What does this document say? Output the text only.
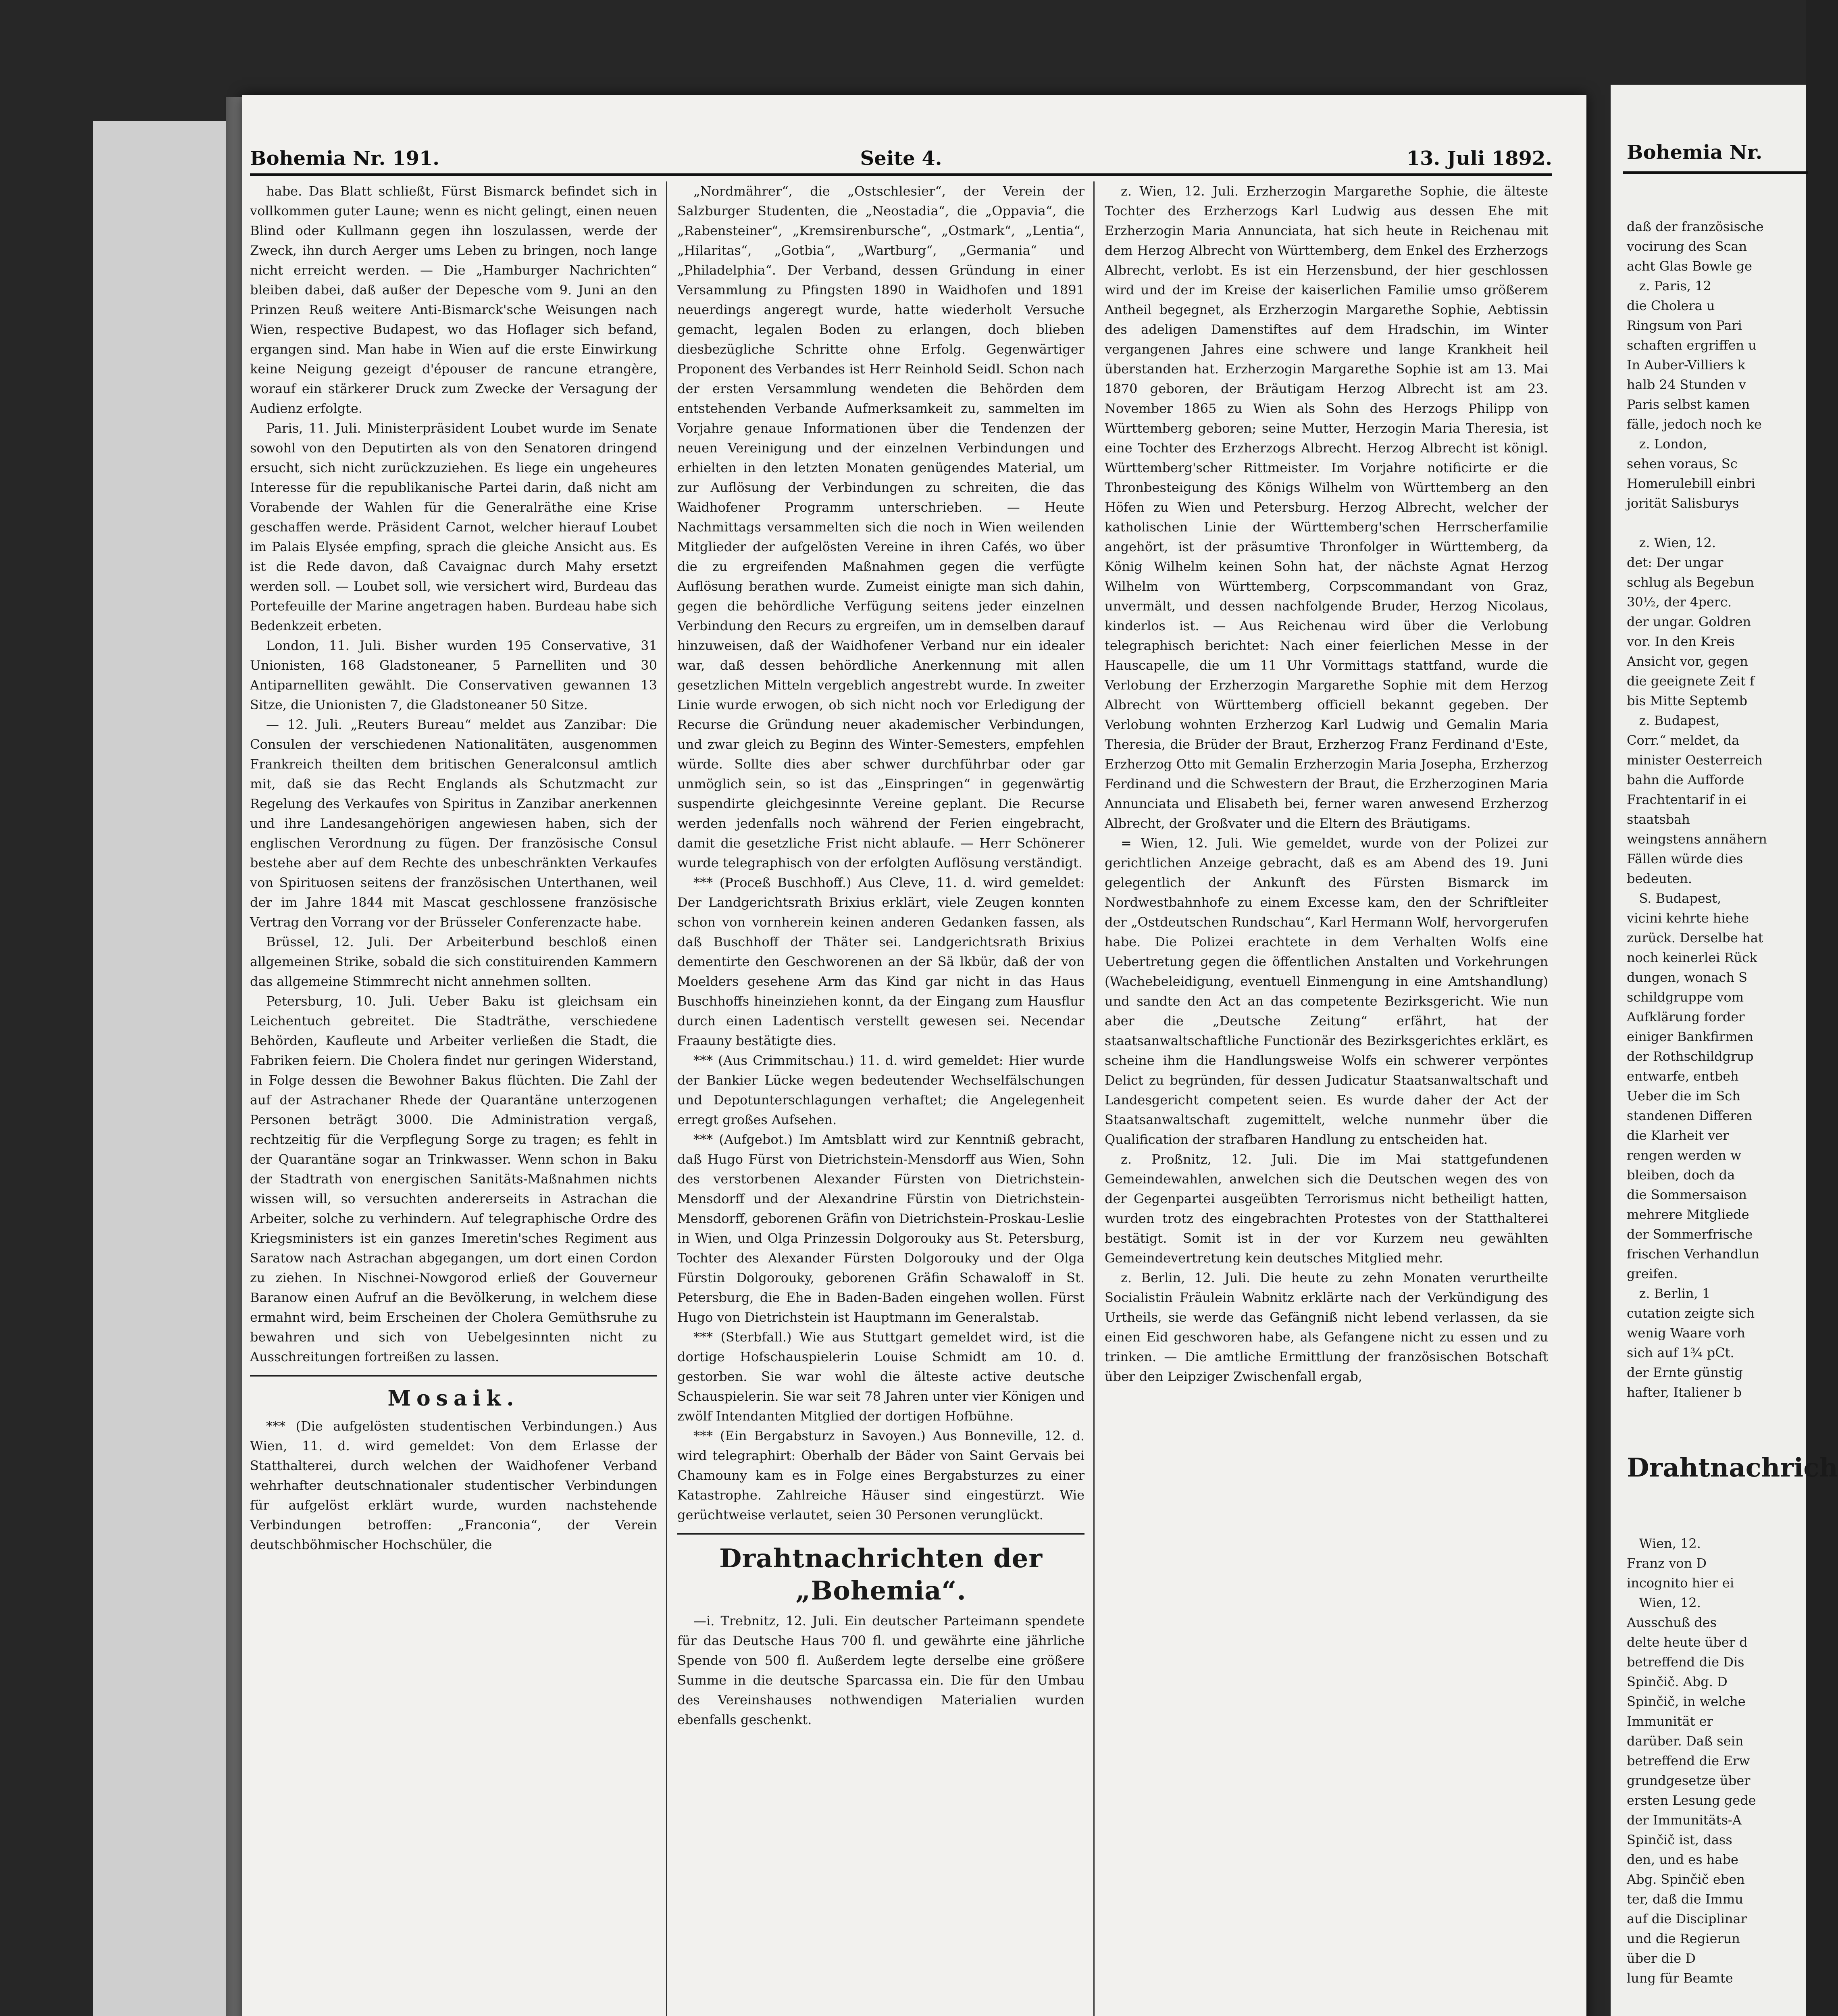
Bohemia Nr. 191.	Seite 4.	13. Juli 1892.

habe. Das Blatt schließt, Fürst Bismarck befindet sich in vollkommen guter Laune; wenn es nicht gelingt, einen neuen Blind oder Kullmann gegen ihn loszulassen, werde der Zweck, ihn durch Aerger ums Leben zu bringen, noch lange nicht erreicht werden. — Die „Hamburger Nachrichten“ bleiben dabei, daß außer der Depesche vom 9. Juni an den Prinzen Reuß weitere Anti-Bismarck'sche Weisungen nach Wien, respective Budapest, wo das Hoflager sich befand, ergangen sind. Man habe in Wien auf die erste Einwirkung keine Neigung gezeigt d'épouser de rancune etrangère, worauf ein stärkerer Druck zum Zwecke der Versagung der Audienz erfolgte.

Paris, 11. Juli. Ministerpräsident Loubet wurde im Senate sowohl von den Deputirten als von den Senatoren dringend ersucht, sich nicht zurückzuziehen. Es liege ein ungeheures Interesse für die republikanische Partei darin, daß nicht am Vorabende der Wahlen für die Generalräthe eine Krise geschaffen werde. Präsident Carnot, welcher hierauf Loubet im Palais Elysée empfing, sprach die gleiche Ansicht aus. Es ist die Rede davon, daß Cavaignac durch Mahy ersetzt werden soll. — Loubet soll, wie versichert wird, Burdeau das Portefeuille der Marine angetragen haben. Burdeau habe sich Bedenkzeit erbeten.

London, 11. Juli. Bisher wurden 195 Conservative, 31 Unionisten, 168 Gladstoneaner, 5 Parnelliten und 30 Antiparnelliten gewählt. Die Conservativen gewannen 13 Sitze, die Unionisten 7, die Gladstoneaner 50 Sitze.

— 12. Juli. „Reuters Bureau“ meldet aus Zanzibar: Die Consulen der verschiedenen Nationalitäten, ausgenommen Frankreich theilten dem britischen Generalconsul amtlich mit, daß sie das Recht Englands als Schutzmacht zur Regelung des Verkaufes von Spiritus in Zanzibar anerkennen und ihre Landesangehörigen angewiesen haben, sich der englischen Verordnung zu fügen. Der französische Consul bestehe aber auf dem Rechte des unbeschränkten Verkaufes von Spirituosen seitens der französischen Unterthanen, weil der im Jahre 1844 mit Mascat geschlossene französische Vertrag den Vorrang vor der Brüsseler Conferenzacte habe.

Brüssel, 12. Juli. Der Arbeiterbund beschloß einen allgemeinen Strike, sobald die sich constituirenden Kammern das allgemeine Stimmrecht nicht annehmen sollten.

Petersburg, 10. Juli. Ueber Baku ist gleichsam ein Leichentuch gebreitet. Die Stadträthe, verschiedene Behörden, Kaufleute und Arbeiter verließen die Stadt, die Fabriken feiern. Die Cholera findet nur geringen Widerstand, in Folge dessen die Bewohner Bakus flüchten. Die Zahl der auf der Astrachaner Rhede der Quarantäne unterzogenen Personen beträgt 3000. Die Administration vergaß, rechtzeitig für die Verpflegung Sorge zu tragen; es fehlt in der Quarantäne sogar an Trinkwasser. Wenn schon in Baku der Stadtrath von energischen Sanitäts-Maßnahmen nichts wissen will, so versuchten andererseits in Astrachan die Arbeiter, solche zu verhindern. Auf telegraphische Ordre des Kriegsministers ist ein ganzes Imeretin'sches Regiment aus Saratow nach Astrachan abgegangen, um dort einen Cordon zu ziehen. In Nischnei-Nowgorod erließ der Gouverneur Baranow einen Aufruf an die Bevölkerung, in welchem diese ermahnt wird, beim Erscheinen der Cholera Gemüthsruhe zu bewahren und sich von Uebelgesinnten nicht zu Ausschreitungen fortreißen zu lassen.

Mosaik.

*** (Die aufgelösten studentischen Verbindungen.) Aus Wien, 11. d. wird gemeldet: Von dem Erlasse der Statthalterei, durch welchen der Waidhofener Verband wehrhafter deutschnationaler studentischer Verbindungen für aufgelöst erklärt wurde, wurden nachstehende Verbindungen betroffen: „Franconia“, der Verein deutschböhmischer Hochschüler, die

„Nordmährer“, die „Ostschlesier“, der Verein der Salzburger Studenten, die „Neostadia“, die „Oppavia“, die „Rabensteiner“, „Kremsirenbursche“, „Ostmark“, „Lentia“, „Hilaritas“, „Gotbia“, „Wartburg“, „Germania“ und „Philadelphia“. Der Verband, dessen Gründung in einer Versammlung zu Pfingsten 1890 in Waidhofen und 1891 neuerdings angeregt wurde, hatte wiederholt Versuche gemacht, legalen Boden zu erlangen, doch blieben diesbezügliche Schritte ohne Erfolg. Gegenwärtiger Proponent des Verbandes ist Herr Reinhold Seidl. Schon nach der ersten Versammlung wendeten die Behörden dem entstehenden Verbande Aufmerksamkeit zu, sammelten im Vorjahre genaue Informationen über die Tendenzen der neuen Vereinigung und der einzelnen Verbindungen und erhielten in den letzten Monaten genügendes Material, um zur Auflösung der Verbindungen zu schreiten, die das Waidhofener Programm unterschrieben. — Heute Nachmittags versammelten sich die noch in Wien weilenden Mitglieder der aufgelösten Vereine in ihren Cafés, wo über die zu ergreifenden Maßnahmen gegen die verfügte Auflösung berathen wurde. Zumeist einigte man sich dahin, gegen die behördliche Verfügung seitens jeder einzelnen Verbindung den Recurs zu ergreifen, um in demselben darauf hinzuweisen, daß der Waidhofener Verband nur ein idealer war, daß dessen behördliche Anerkennung mit allen gesetzlichen Mitteln vergeblich angestrebt wurde. In zweiter Linie wurde erwogen, ob sich nicht noch vor Erledigung der Recurse die Gründung neuer akademischer Verbindungen, und zwar gleich zu Beginn des Winter-Semesters, empfehlen würde. Sollte dies aber schwer durchführbar oder gar unmöglich sein, so ist das „Einspringen“ in gegenwärtig suspendirte gleichgesinnte Vereine geplant. Die Recurse werden jedenfalls noch während der Ferien eingebracht, damit die gesetzliche Frist nicht ablaufe. — Herr Schönerer wurde telegraphisch von der erfolgten Auflösung verständigt.

*** (Proceß Buschhoff.) Aus Cleve, 11. d. wird gemeldet: Der Landgerichtsrath Brixius erklärt, viele Zeugen konnten schon von vornherein keinen anderen Gedanken fassen, als daß Buschhoff der Thäter sei. Landgerichtsrath Brixius dementirte den Geschworenen an der Sä lkbür, daß der von Moelders gesehene Arm das Kind gar nicht in das Haus Buschhoffs hineinziehen konnt, da der Eingang zum Hausflur durch einen Ladentisch verstellt gewesen sei. Necendar Fraauny bestätigte dies.

*** (Aus Crimmitschau.) 11. d. wird gemeldet: Hier wurde der Bankier Lücke wegen bedeutender Wechselfälschungen und Depotunterschlagungen verhaftet; die Angelegenheit erregt großes Aufsehen.

*** (Aufgebot.) Im Amtsblatt wird zur Kenntniß gebracht, daß Hugo Fürst von Dietrichstein-Mensdorff aus Wien, Sohn des verstorbenen Alexander Fürsten von Dietrichstein-Mensdorff und der Alexandrine Fürstin von Dietrichstein-Mensdorff, geborenen Gräfin von Dietrichstein-Proskau-Leslie in Wien, und Olga Prinzessin Dolgorouky aus St. Petersburg, Tochter des Alexander Fürsten Dolgorouky und der Olga Fürstin Dolgorouky, geborenen Gräfin Schawaloff in St. Petersburg, die Ehe in Baden-Baden eingehen wollen. Fürst Hugo von Dietrichstein ist Hauptmann im Generalstab.

*** (Sterbfall.) Wie aus Stuttgart gemeldet wird, ist die dortige Hofschauspielerin Louise Schmidt am 10. d. gestorben. Sie war wohl die älteste active deutsche Schauspielerin. Sie war seit 78 Jahren unter vier Königen und zwölf Intendanten Mitglied der dortigen Hofbühne.

*** (Ein Bergabsturz in Savoyen.) Aus Bonneville, 12. d. wird telegraphirt: Oberhalb der Bäder von Saint Gervais bei Chamouny kam es in Folge eines Bergabsturzes zu einer Katastrophe. Zahlreiche Häuser sind eingestürzt. Wie gerüchtweise verlautet, seien 30 Personen verunglückt.

Drahtnachrichten der „Bohemia“.

—i. Trebnitz, 12. Juli. Ein deutscher Parteimann spendete für das Deutsche Haus 700 fl. und gewährte eine jährliche Spende von 500 fl. Außerdem legte derselbe eine größere Summe in die deutsche Sparcassa ein. Die für den Umbau des Vereinshauses nothwendigen Materialien wurden ebenfalls geschenkt.

z. Wien, 12. Juli. Erzherzogin Margarethe Sophie, die älteste Tochter des Erzherzogs Karl Ludwig aus dessen Ehe mit Erzherzogin Maria Annunciata, hat sich heute in Reichenau mit dem Herzog Albrecht von Württemberg, dem Enkel des Erzherzogs Albrecht, verlobt. Es ist ein Herzensbund, der hier geschlossen wird und der im Kreise der kaiserlichen Familie umso größerem Antheil begegnet, als Erzherzogin Margarethe Sophie, Aebtissin des adeligen Damenstiftes auf dem Hradschin, im Winter vergangenen Jahres eine schwere und lange Krankheit heil überstanden hat. Erzherzogin Margarethe Sophie ist am 13. Mai 1870 geboren, der Bräutigam Herzog Albrecht ist am 23. November 1865 zu Wien als Sohn des Herzogs Philipp von Württemberg geboren; seine Mutter, Herzogin Maria Theresia, ist eine Tochter des Erzherzogs Albrecht. Herzog Albrecht ist königl. Württemberg'scher Rittmeister. Im Vorjahre notificirte er die Thronbesteigung des Königs Wilhelm von Württemberg an den Höfen zu Wien und Petersburg. Herzog Albrecht, welcher der katholischen Linie der Württemberg'schen Herrscherfamilie angehört, ist der präsumtive Thronfolger in Württemberg, da König Wilhelm keinen Sohn hat, der nächste Agnat Herzog Wilhelm von Württemberg, Corpscommandant von Graz, unvermält, und dessen nachfolgende Bruder, Herzog Nicolaus, kinderlos ist. — Aus Reichenau wird über die Verlobung telegraphisch berichtet: Nach einer feierlichen Messe in der Hauscapelle, die um 11 Uhr Vormittags stattfand, wurde die Verlobung der Erzherzogin Margarethe Sophie mit dem Herzog Albrecht von Württemberg officiell bekannt gegeben. Der Verlobung wohnten Erzherzog Karl Ludwig und Gemalin Maria Theresia, die Brüder der Braut, Erzherzog Franz Ferdinand d'Este, Erzherzog Otto mit Gemalin Erzherzogin Maria Josepha, Erzherzog Ferdinand und die Schwestern der Braut, die Erzherzoginen Maria Annunciata und Elisabeth bei, ferner waren anwesend Erzherzog Albrecht, der Großvater und die Eltern des Bräutigams.

= Wien, 12. Juli. Wie gemeldet, wurde von der Polizei zur gerichtlichen Anzeige gebracht, daß es am Abend des 19. Juni gelegentlich der Ankunft des Fürsten Bismarck im Nordwestbahnhofe zu einem Excesse kam, den der Schriftleiter der „Ostdeutschen Rundschau“, Karl Hermann Wolf, hervorgerufen habe. Die Polizei erachtete in dem Verhalten Wolfs eine Uebertretung gegen die öffentlichen Anstalten und Vorkehrungen (Wachebeleidigung, eventuell Einmengung in eine Amtshandlung) und sandte den Act an das competente Bezirksgericht. Wie nun aber die „Deutsche Zeitung“ erfährt, hat der staatsanwaltschaftliche Functionär des Bezirksgerichtes erklärt, es scheine ihm die Handlungsweise Wolfs ein schwerer verpöntes Delict zu begründen, für dessen Judicatur Staatsanwaltschaft und Landesgericht competent seien. Es wurde daher der Act der Staatsanwaltschaft zugemittelt, welche nunmehr über die Qualification der strafbaren Handlung zu entscheiden hat.

z. Proßnitz, 12. Juli. Die im Mai stattgefundenen Gemeindewahlen, anwelchen sich die Deutschen wegen des von der Gegenpartei ausgeübten Terrorismus nicht betheiligt hatten, wurden trotz des eingebrachten Protestes von der Statthalterei bestätigt. Somit ist in der vor Kurzem neu gewählten Gemeindevertretung kein deutsches Mitglied mehr.

z. Berlin, 12. Juli. Die heute zu zehn Monaten verurtheilte Socialistin Fräulein Wabnitz erklärte nach der Verkündigung des Urtheils, sie werde das Gefängniß nicht lebend verlassen, da sie einen Eid geschworen habe, als Gefangene nicht zu essen und zu trinken. — Die amtliche Ermittlung der französischen Botschaft über den Leipziger Zwischenfall ergab,

Bohemia Nr.

daß der französische
vocirung des Scan
acht Glas Bowle ge
z. Paris, 12
die Cholera u
Ringsum von Pari
schaften ergriffen u
In Auber-Villiers k
halb 24 Stunden v
Paris selbst kamen
fälle, jedoch noch ke
z. London,
sehen voraus, Sc
Homerulebill einbri
jorität Salisburys

z. Wien, 12.
det: Der ungar
schlug als Begebun
30½, der 4perc.
der ungar. Goldren
vor. In den Kreis
Ansicht vor, gegen
die geeignete Zeit f
bis Mitte Septemb
z. Budapest,
Corr.“ meldet, da
minister Oesterreich
bahn die Aufforde
Frachtentarif in ei
staatsbah
weingstens annähern
Fällen würde dies
bedeuten.
S. Budapest,
vicini kehrte hiehe
zurück. Derselbe hat
noch keinerlei Rück
dungen, wonach S
schildgruppe vom
Aufklärung forder
einiger Bankfirmen
der Rothschildgrup
entwarfe, entbeh
Ueber die im Sch
standenen Differen
die Klarheit ver
rengen werden w
bleiben, doch da
die Sommersaison
mehrere Mitgliede
der Sommerfrische
frischen Verhandlun
greifen.
z. Berlin, 1
cutation zeigte sich
wenig Waare vorh
sich auf 1¾ pCt.
der Ernte günstig
hafter, Italiener b

Drahtnachrich

Wien, 12.
Franz von D
incognito hier ei
Wien, 12.
Ausschuß des
delte heute über d
betreffend die Dis
Spinčič. Abg. D
Spinčič, in welche
Immunität er
darüber. Daß sein
betreffend die Erw
grundgesetze über
ersten Lesung gede
der Immunitäts-A
Spinčič ist, dass
den, und es habe
Abg. Spinčič eben
ter, daß die Immu
auf die Disciplinar
und die Regierun
über die D
lung für Beamte
